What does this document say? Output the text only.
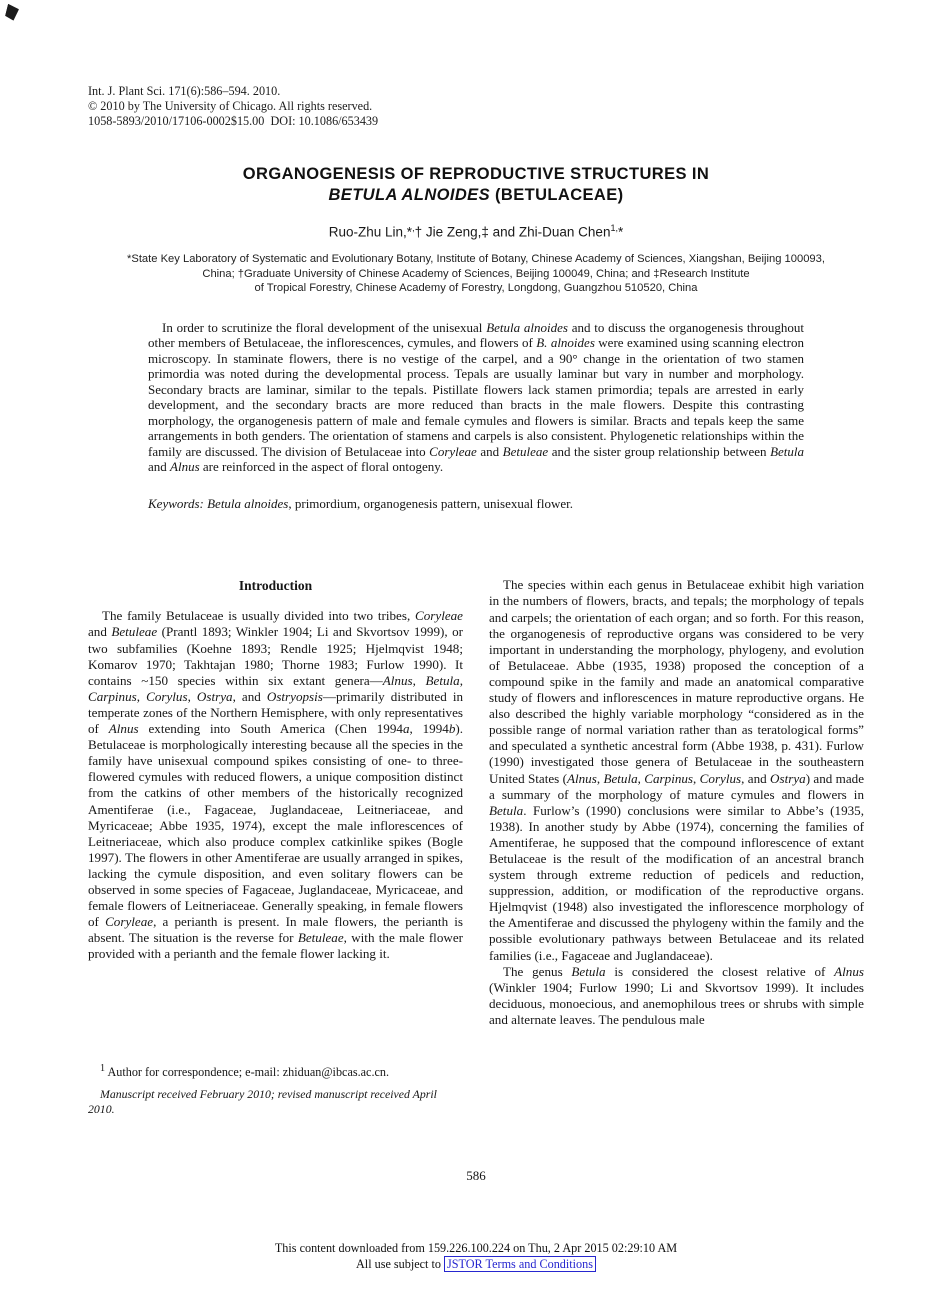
Int. J. Plant Sci. 171(6):586–594. 2010.
© 2010 by The University of Chicago. All rights reserved.
1058-5893/2010/17106-0002$15.00  DOI: 10.1086/653439
ORGANOGENESIS OF REPRODUCTIVE STRUCTURES IN
BETULA ALNOIDES (BETULACEAE)
Ruo-Zhu Lin,*,† Jie Zeng,‡ and Zhi-Duan Chen$^{1,}$*
*State Key Laboratory of Systematic and Evolutionary Botany, Institute of Botany, Chinese Academy of Sciences, Xiangshan, Beijing 100093,
China; †Graduate University of Chinese Academy of Sciences, Beijing 100049, China; and ‡Research Institute
of Tropical Forestry, Chinese Academy of Forestry, Longdong, Guangzhou 510520, China

In order to scrutinize the floral development of the unisexual Betula alnoides and to discuss the organogenesis throughout other members of Betulaceae, the inflorescences, cymules, and flowers of B. alnoides were examined using scanning electron microscopy. In staminate flowers, there is no vestige of the carpel, and a 90° change in the orientation of two stamen primordia was noted during the developmental process. Tepals are usually laminar but vary in number and morphology. Secondary bracts are laminar, similar to the tepals. Pistillate flowers lack stamen primordia; tepals are arrested in early development, and the secondary bracts are more reduced than bracts in the male flowers. Despite this contrasting morphology, the organogenesis pattern of male and female cymules and flowers is similar. Bracts and tepals keep the same arrangements in both genders. The orientation of stamens and carpels is also consistent. Phylogenetic relationships within the family are discussed. The division of Betulaceae into Coryleae and Betuleae and the sister group relationship between Betula and Alnus are reinforced in the aspect of floral ontogeny.

Keywords: Betula alnoides, primordium, organogenesis pattern, unisexual flower.

Introduction

The family Betulaceae is usually divided into two tribes, Coryleae and Betuleae (Prantl 1893; Winkler 1904; Li and Skvortsov 1999), or two subfamilies (Koehne 1893; Rendle 1925; Hjelmqvist 1948; Komarov 1970; Takhtajan 1980; Thorne 1983; Furlow 1990). It contains ~150 species within six extant genera—Alnus, Betula, Carpinus, Corylus, Ostrya, and Ostryopsis—primarily distributed in temperate zones of the Northern Hemisphere, with only representatives of Alnus extending into South America (Chen 1994a, 1994b). Betulaceae is morphologically interesting because all the species in the family have unisexual compound spikes consisting of one- to three-flowered cymules with reduced flowers, a unique composition distinct from the catkins of other members of the historically recognized Amentiferae (i.e., Fagaceae, Juglandaceae, Leitneriaceae, and Myricaceae; Abbe 1935, 1974), except the male inflorescences of Leitneriaceae, which also produce complex catkinlike spikes (Bogle 1997). The flowers in other Amentiferae are usually arranged in spikes, lacking the cymule disposition, and even solitary flowers can be observed in some species of Fagaceae, Juglandaceae, Myricaceae, and female flowers of Leitneriaceae. Generally speaking, in female flowers of Coryleae, a perianth is present. In male flowers, the perianth is absent. The situation is the reverse for Betuleae, with the male flower provided with a perianth and the female flower lacking it.

$^1$ Author for correspondence; e-mail: zhiduan@ibcas.ac.cn.

Manuscript received February 2010; revised manuscript received April 2010.

The species within each genus in Betulaceae exhibit high variation in the numbers of flowers, bracts, and tepals; the morphology of tepals and carpels; the orientation of each organ; and so forth. For this reason, the organogenesis of reproductive organs was considered to be very important in understanding the morphology, phylogeny, and evolution of Betulaceae. Abbe (1935, 1938) proposed the conception of a compound spike in the family and made an anatomical comparative study of flowers and inflorescences in mature reproductive organs. He also described the highly variable morphology “considered as in the possible range of normal variation rather than as teratological forms” and speculated a synthetic ancestral form (Abbe 1938, p. 431). Furlow (1990) investigated those genera of Betulaceae in the southeastern United States (Alnus, Betula, Carpinus, Corylus, and Ostrya) and made a summary of the morphology of mature cymules and flowers in Betula. Furlow’s (1990) conclusions were similar to Abbe’s (1935, 1938). In another study by Abbe (1974), concerning the families of Amentiferae, he supposed that the compound inflorescence of extant Betulaceae is the result of the modification of an ancestral branch system through extreme reduction of pedicels and reduction, suppression, addition, or modification of the reproductive organs. Hjelmqvist (1948) also investigated the inflorescence morphology of the Amentiferae and discussed the phylogeny within the family and the possible evolutionary pathways between Betulaceae and its related families (i.e., Fagaceae and Juglandaceae).

The genus Betula is considered the closest relative of Alnus (Winkler 1904; Furlow 1990; Li and Skvortsov 1999). It includes deciduous, monoecious, and anemophilous trees or shrubs with simple and alternate leaves. The pendulous male

586
This content downloaded from 159.226.100.224 on Thu, 2 Apr 2015 02:29:10 AM
All use subject to JSTOR Terms and Conditions
